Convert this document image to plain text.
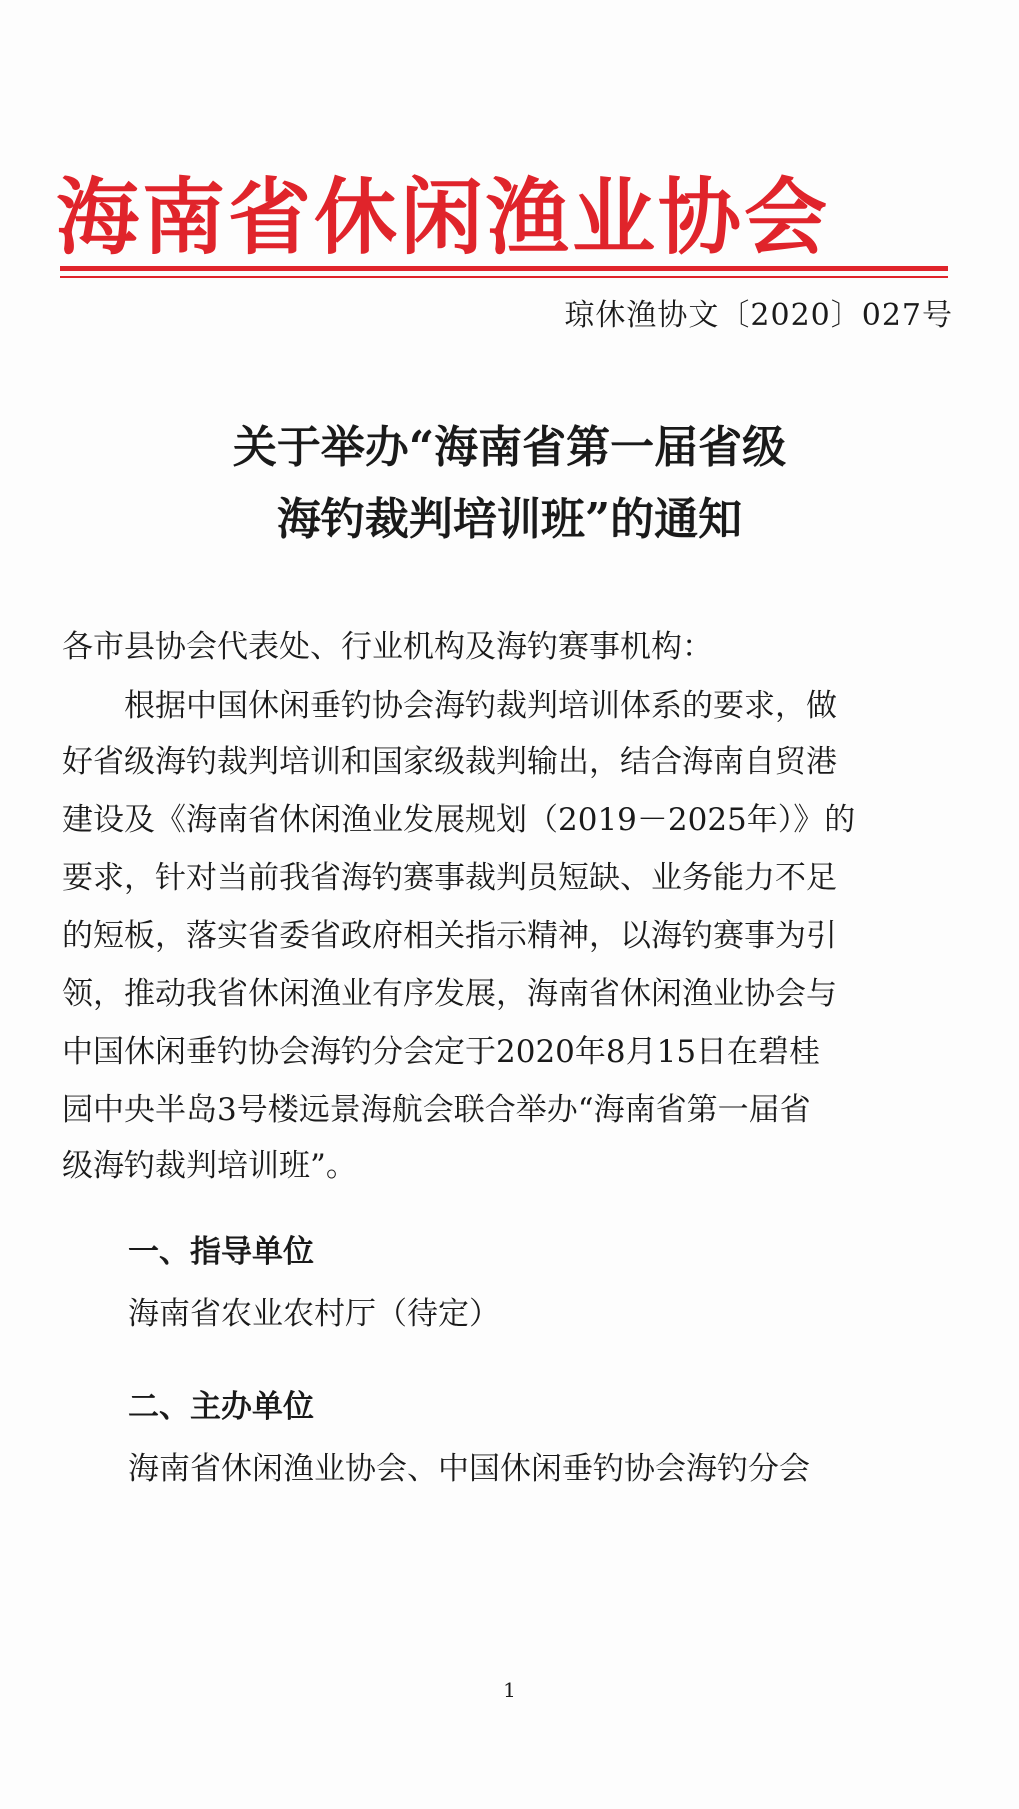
海南省休闲渔业协会
琼休渔协文〔2020〕027号
关于举办“海南省第一届省级
海钓裁判培训班”的通知
各市县协会代表处、行业机构及海钓赛事机构：
　　根据中国休闲垂钓协会海钓裁判培训体系的要求，做
好省级海钓裁判培训和国家级裁判输出，结合海南自贸港
建设及《海南省休闲渔业发展规划（2019－2025年）》的
要求，针对当前我省海钓赛事裁判员短缺、业务能力不足
的短板，落实省委省政府相关指示精神，以海钓赛事为引
领，推动我省休闲渔业有序发展，海南省休闲渔业协会与
中国休闲垂钓协会海钓分会定于2020年8月15日在碧桂
园中央半岛3号楼远景海航会联合举办“海南省第一届省
级海钓裁判培训班”。
一、指导单位
海南省农业农村厅（待定）
二、主办单位
海南省休闲渔业协会、中国休闲垂钓协会海钓分会
1
